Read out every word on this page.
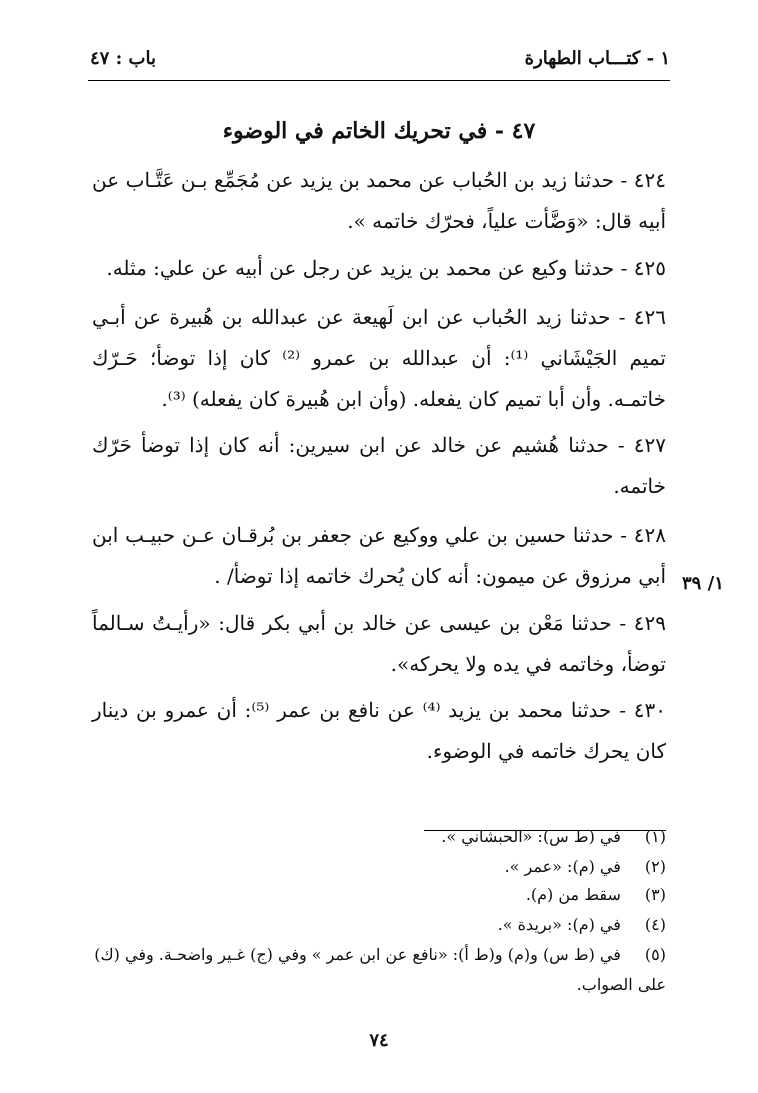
١ - كتـــاب الطهارة
باب : ٤٧
٤٧ - في تحريك الخاتم في الوضوء
٤٢٤ - حدثنا زيد بن الحُباب عن محمد بن يزيد عن مُجَمِّع بـن عَتَّـاب عن أبيه قال: «وَضَّأت علياً، فحرّك خاتمه ».
٤٢٥ - حدثنا وكيع عن محمد بن يزيد عن رجل عن أبيه عن علي: مثله.
٤٢٦ - حدثنا زيد الحُباب عن ابن لَهيعة عن عبدالله بن هُبيرة عن أبـي تميم الجَيْشَاني ⁽¹⁾: أن عبدالله بن عمرو ⁽²⁾ كان إذا توضأ؛ حَـرّك خاتمـه. وأن أبا تميم كان يفعله. (وأن ابن هُبيرة كان يفعله) ⁽³⁾.
٤٢٧ - حدثنا هُشيم عن خالد عن ابن سيرين: أنه كان إذا توضأ حَرّك خاتمه.
٤٢٨ - حدثنا حسين بن علي ووكيع عن جعفر بن بُرقـان عـن حبيـب ابن أبي مرزوق عن ميمون: أنه كان يُحرك خاتمه إذا توضأ/ .
٤٢٩ - حدثنا مَعْن بن عيسى عن خالد بن أبي بكر قال: «رأيـتُ سـالماً توضأ، وخاتمه في يده ولا يحركه».
٤٣٠ - حدثنا محمد بن يزيد ⁽⁴⁾ عن نافع بن عمر ⁽⁵⁾: أن عمرو بن دينار كان يحرك خاتمه في الوضوء.
١/ ٣٩
(١) في (ط س): «الحبشاني ».
(٢) في (م): «عمر ».
(٣) سقط من (م).
(٤) في (م): «بريدة ».
(٥) في (ط س) و(م) و(ط أ): «نافع عن ابن عمر » وفي (ج) غـير واضحـة. وفي (ك) على الصواب.
٧٤
